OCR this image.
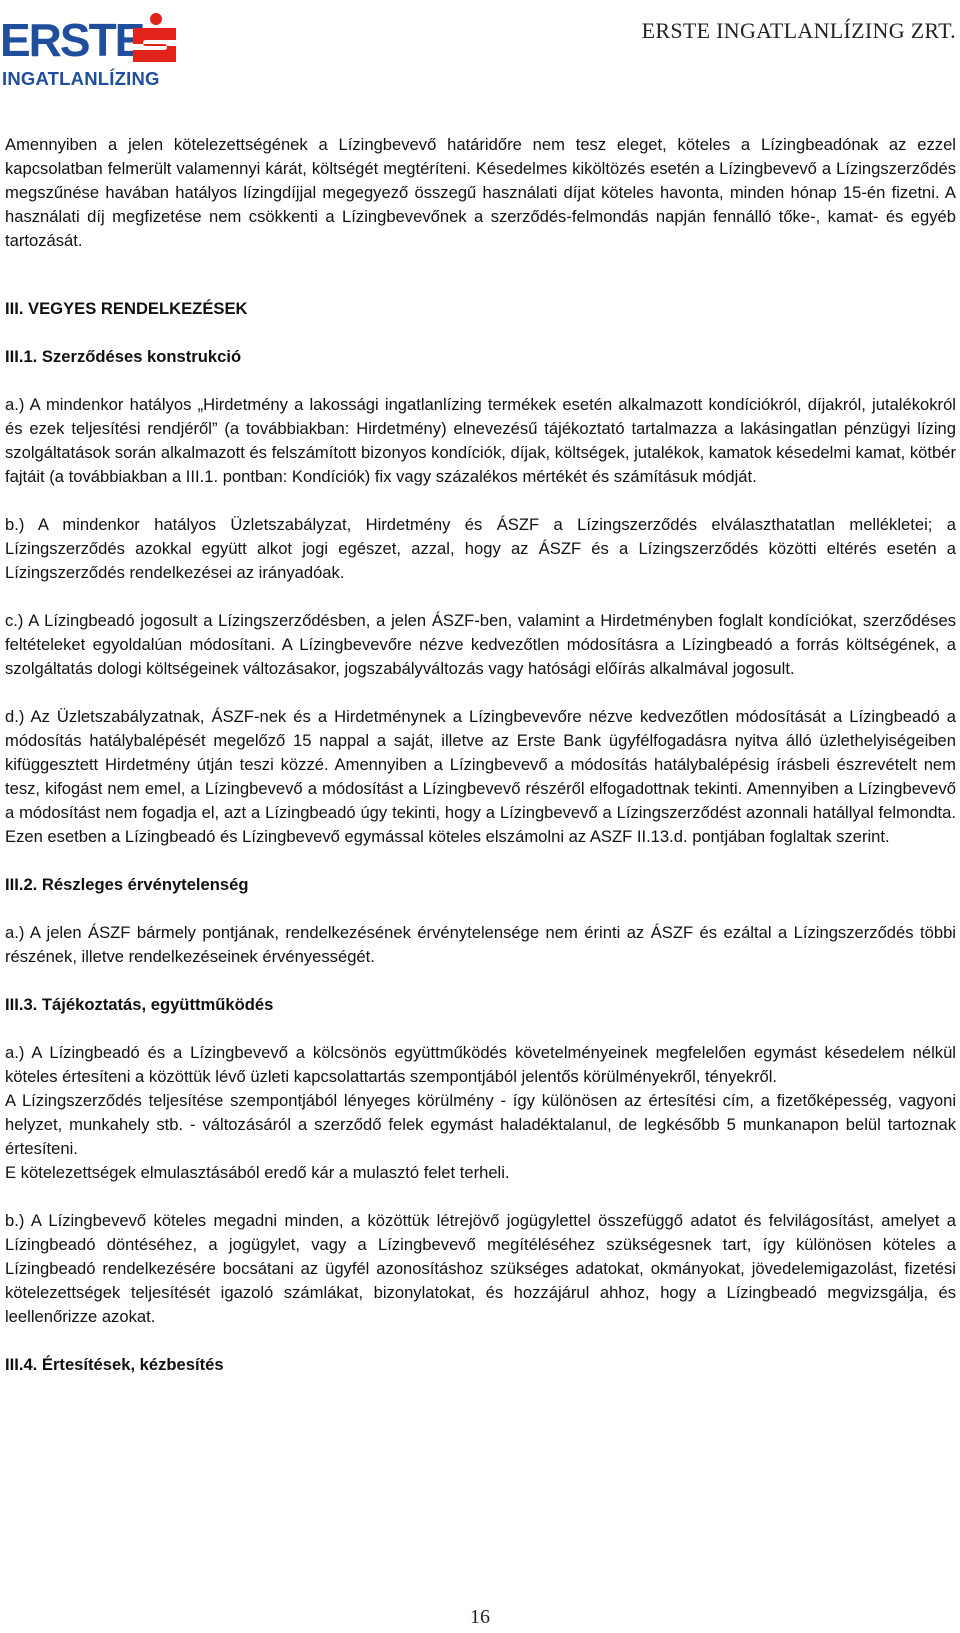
ERSTE
INGATLANLÍZING
ERSTE INGATLANLÍZING ZRT.

Amennyiben a jelen kötelezettségének a Lízingbevevő határidőre nem tesz eleget, köteles a Lízingbeadónak az ezzel kapcsolatban felmerült valamennyi kárát, költségét megtéríteni. Késedelmes kiköltözés esetén a Lízingbevevő a Lízingszerződés megszűnése havában hatályos lízingdíjjal megegyező összegű használati díjat köteles havonta, minden hónap 15-én fizetni. A használati díj megfizetése nem csökkenti a Lízingbevevőnek a szerződés-felmondás napján fennálló tőke-, kamat- és egyéb tartozását.

III. VEGYES RENDELKEZÉSEK
III.1. Szerződéses konstrukció

a.) A mindenkor hatályos „Hirdetmény a lakossági ingatlanlízing termékek esetén alkalmazott kondíciókról, díjakról, jutalékokról és ezek teljesítési rendjéről” (a továbbiakban: Hirdetmény) elnevezésű tájékoztató tartalmazza a lakásingatlan pénzügyi lízing szolgáltatások során alkalmazott és felszámított bizonyos kondíciók, díjak, költségek, jutalékok, kamatok késedelmi kamat, kötbér fajtáit (a továbbiakban a III.1. pontban: Kondíciók) fix vagy százalékos mértékét és számításuk módját.

b.) A mindenkor hatályos Üzletszabályzat, Hirdetmény és ÁSZF a Lízingszerződés elválaszthatatlan mellékletei; a Lízingszerződés azokkal együtt alkot jogi egészet, azzal, hogy az ÁSZF és a Lízingszerződés közötti eltérés esetén a Lízingszerződés rendelkezései az irányadóak.

c.) A Lízingbeadó jogosult a Lízingszerződésben, a jelen ÁSZF-ben, valamint a Hirdetményben foglalt kondíciókat, szerződéses feltételeket egyoldalúan módosítani. A Lízingbevevőre nézve kedvezőtlen módosításra a Lízingbeadó a forrás költségének, a szolgáltatás dologi költségeinek változásakor, jogszabályváltozás vagy hatósági előírás alkalmával jogosult.

d.) Az Üzletszabályzatnak, ÁSZF-nek és a Hirdetménynek a Lízingbevevőre nézve kedvezőtlen módosítását a Lízingbeadó a módosítás hatálybalépését megelőző 15 nappal a saját, illetve az Erste Bank ügyfélfogadásra nyitva álló üzlethelyiségeiben kifüggesztett Hirdetmény útján teszi közzé. Amennyiben a Lízingbevevő a módosítás hatálybalépésig írásbeli észrevételt nem tesz, kifogást nem emel, a Lízingbevevő a módosítást a Lízingbevevő részéről elfogadottnak tekinti. Amennyiben a Lízingbevevő a módosítást nem fogadja el, azt a Lízingbeadó úgy tekinti, hogy a Lízingbevevő a Lízingszerződést azonnali hatállyal felmondta. Ezen esetben a Lízingbeadó és Lízingbevevő egymással köteles elszámolni az ASZF II.13.d. pontjában foglaltak szerint.

III.2. Részleges érvénytelenség

a.) A jelen ÁSZF bármely pontjának, rendelkezésének érvénytelensége nem érinti az ÁSZF és ezáltal a Lízingszerződés többi részének, illetve rendelkezéseinek érvényességét.

III.3. Tájékoztatás, együttműködés

a.) A Lízingbeadó és a Lízingbevevő a kölcsönös együttműködés követelményeinek megfelelően egymást késedelem nélkül köteles értesíteni a közöttük lévő üzleti kapcsolattartás szempontjából jelentős körülményekről, tényekről.

A Lízingszerződés teljesítése szempontjából lényeges körülmény - így különösen az értesítési cím, a fizetőképesség, vagyoni helyzet, munkahely stb. - változásáról a szerződő felek egymást haladéktalanul, de legkésőbb 5 munkanapon belül tartoznak értesíteni.

E kötelezettségek elmulasztásából eredő kár a mulasztó felet terheli.

b.) A Lízingbevevő köteles megadni minden, a közöttük létrejövő jogügylettel összefüggő adatot és felvilágosítást, amelyet a Lízingbeadó döntéséhez, a jogügylet, vagy a Lízingbevevő megítéléséhez szükségesnek tart, így különösen köteles a Lízingbeadó rendelkezésére bocsátani az ügyfél azonosításhoz szükséges adatokat, okmányokat, jövedelemigazolást, fizetési kötelezettségek teljesítését igazoló számlákat, bizonylatokat, és hozzájárul ahhoz, hogy a Lízingbeadó megvizsgálja, és leellenőrizze azokat.

III.4. Értesítések, kézbesítés
16
